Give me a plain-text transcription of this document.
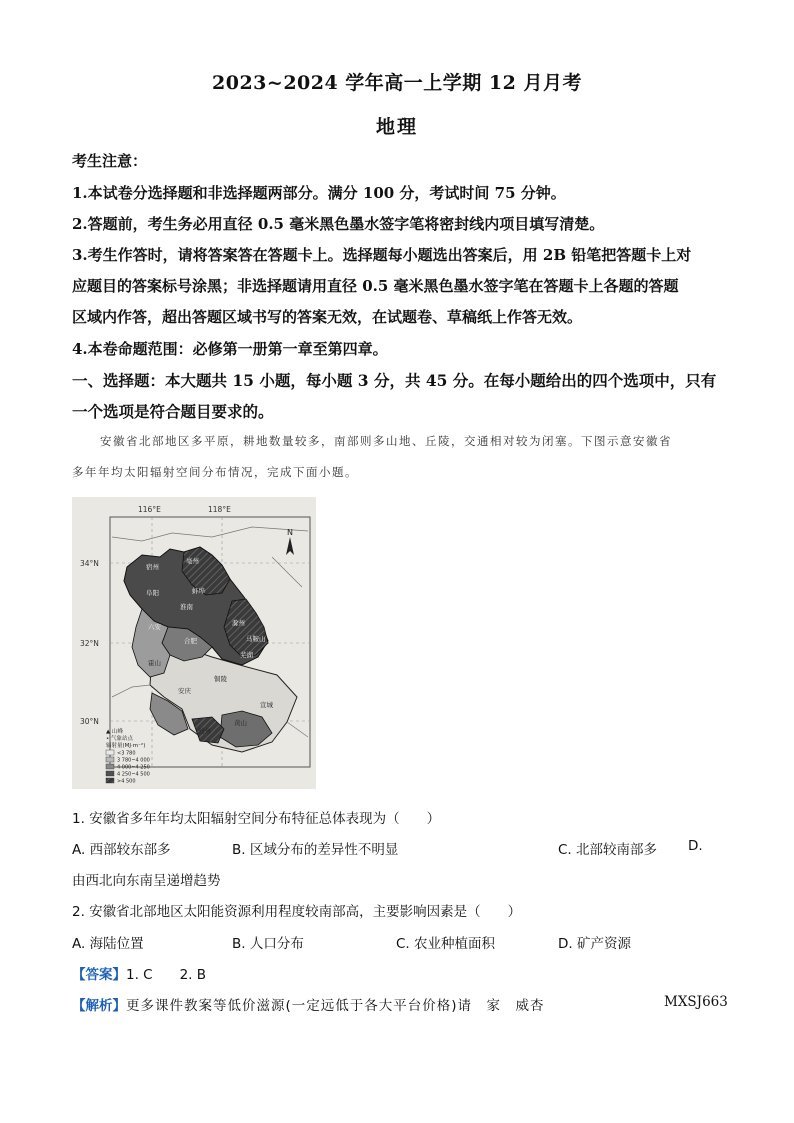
2023~2024 学年高一上学期 12 月月考
地理
考生注意：
1.本试卷分选择题和非选择题两部分。满分 100 分，考试时间 75 分钟。
2.答题前，考生务必用直径 0.5 毫米黑色墨水签字笔将密封线内项目填写清楚。
3.考生作答时，请将答案答在答题卡上。选择题每小题选出答案后，用 2B 铅笔把答题卡上对
应题目的答案标号涂黑；非选择题请用直径 0.5 毫米黑色墨水签字笔在答题卡上各题的答题
区域内作答，超出答题区域书写的答案无效，在试题卷、草稿纸上作答无效。
4.本卷命题范围：必修第一册第一章至第四章。
一、选择题：本大题共 15 小题，每小题 3 分，共 45 分。在每小题给出的四个选项中，只有
一个选项是符合题目要求的。
安徽省北部地区多平原，耕地数量较多，南部则多山地、丘陵，交通相对较为闭塞。下图示意安徽省
多年年均太阳辐射空间分布情况，完成下面小题。
宿州
亳州
阜阳	蚌埠
淮南
滁州
六安
合肥	马鞍山
芜湖
铜陵
安庆
黄山
宣城
池州
霍山
116°E	118°E
34°N
32°N
30°N
N
▲ 山峰
• 气象站点
辐射量(MJ·m⁻²)
<3 780
3 780~4 000
4 000~4 250
4 250~4 500
>4 500
1. 安徽省多年年均太阳辐射空间分布特征总体表现为（　　）
A. 西部较东部多	B. 区域分布的差异性不明显	C. 北部较南部多 D.
由西北向东南呈递增趋势
2. 安徽省北部地区太阳能资源利用程度较南部高，主要影响因素是（　　）
A. 海陆位置	B. 人口分布	C. 农业种植面积	D. 矿产资源
【答案】1. C　　2. B
【解析】更多课件教案等低价滋源(一定远低于各大平台价格)请　家　威杏	MXSJ663
